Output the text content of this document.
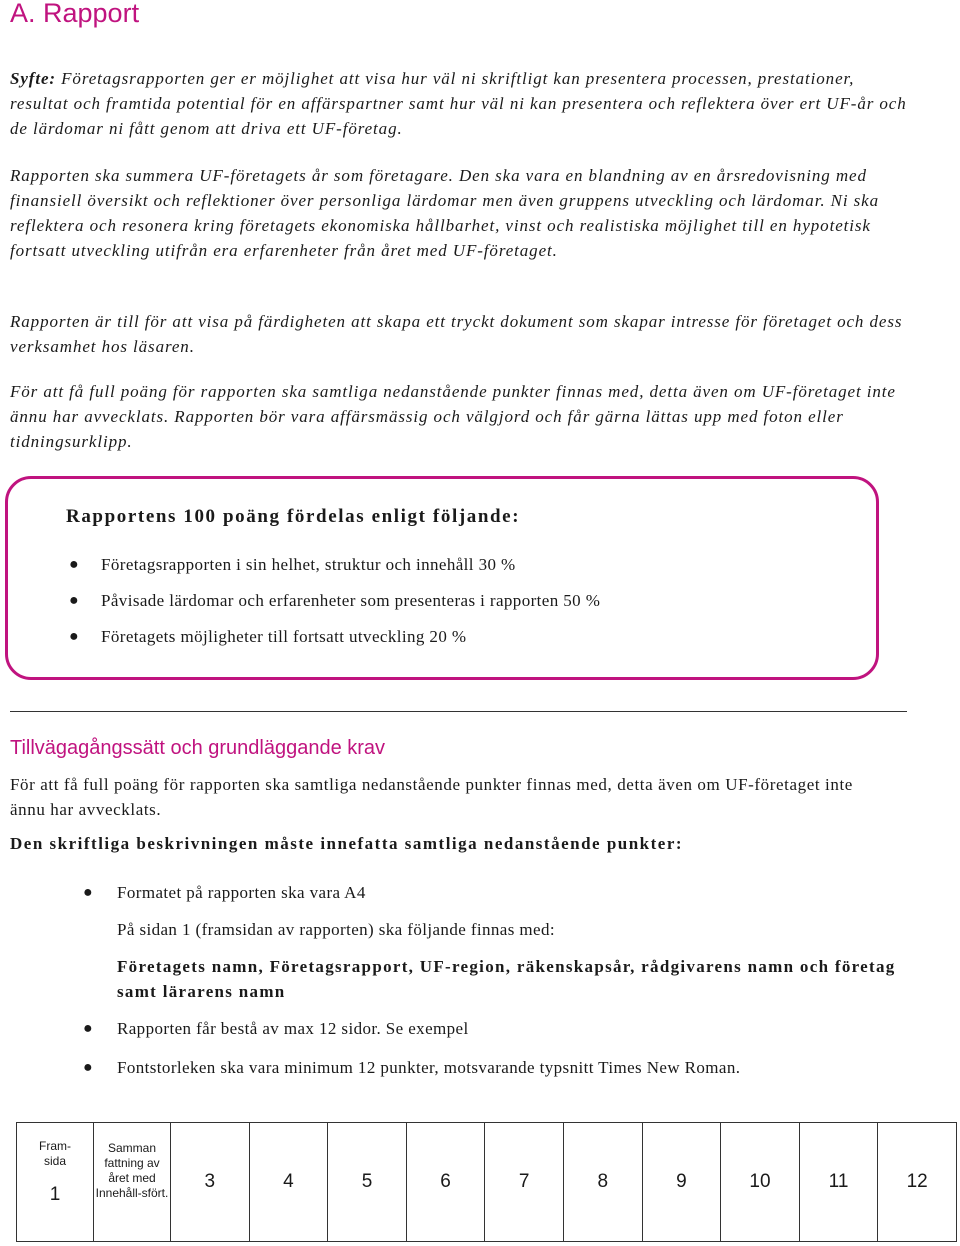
A. Rapport

Syfte: Företagsrapporten ger er möjlighet att visa hur väl ni skriftligt kan presentera processen, prestationer, resultat och framtida potential för en affärspartner samt hur väl ni kan presentera och reflektera över ert UF-år och de lärdomar ni fått genom att driva ett UF-företag.

Rapporten ska summera UF-företagets år som företagare. Den ska vara en blandning av en årsredovisning med finansiell översikt och reflektioner över personliga lärdomar men även gruppens utveckling och lärdomar. Ni ska reflektera och resonera kring företagets ekonomiska hållbarhet, vinst och realistiska möjlighet till en hypotetisk fortsatt utveckling utifrån era erfarenheter från året med UF-företaget.

Rapporten är till för att visa på färdigheten att skapa ett tryckt dokument som skapar intresse för företaget och dess verksamhet hos läsaren.

För att få full poäng för rapporten ska samtliga nedanstående punkter finnas med, detta även om UF-företaget inte ännu har avvecklats. Rapporten bör vara affärsmässig och välgjord och får gärna lättas upp med foton eller tidningsurklipp.

Rapportens 100 poäng fördelas enligt följande:

● Företagsrapporten i sin helhet, struktur och innehåll 30 %
● Påvisade lärdomar och erfarenheter som presenteras i rapporten 50 %
● Företagets möjligheter till fortsatt utveckling 20 %
Tillvägagångssätt och grundläggande krav

För att få full poäng för rapporten ska samtliga nedanstående punkter finnas med, detta även om UF-företaget inte ännu har avvecklats.

Den skriftliga beskrivningen måste innefatta samtliga nedanstående punkter:

● Formatet på rapporten ska vara A4
På sidan 1 (framsidan av rapporten) ska följande finnas med:
Företagets namn, Företagsrapport, UF-region, räkenskapsår, rådgivarens namn och företag samt lärarens namn
● Rapporten får bestå av max 12 sidor. Se exempel
● Fontstorleken ska vara minimum 12 punkter, motsvarande typsnitt Times New Roman.
Fram-
sida
1
	Samman fattning av året med Innehåll-sfört.	3	4	5	6	7	8	9	10	11	12
